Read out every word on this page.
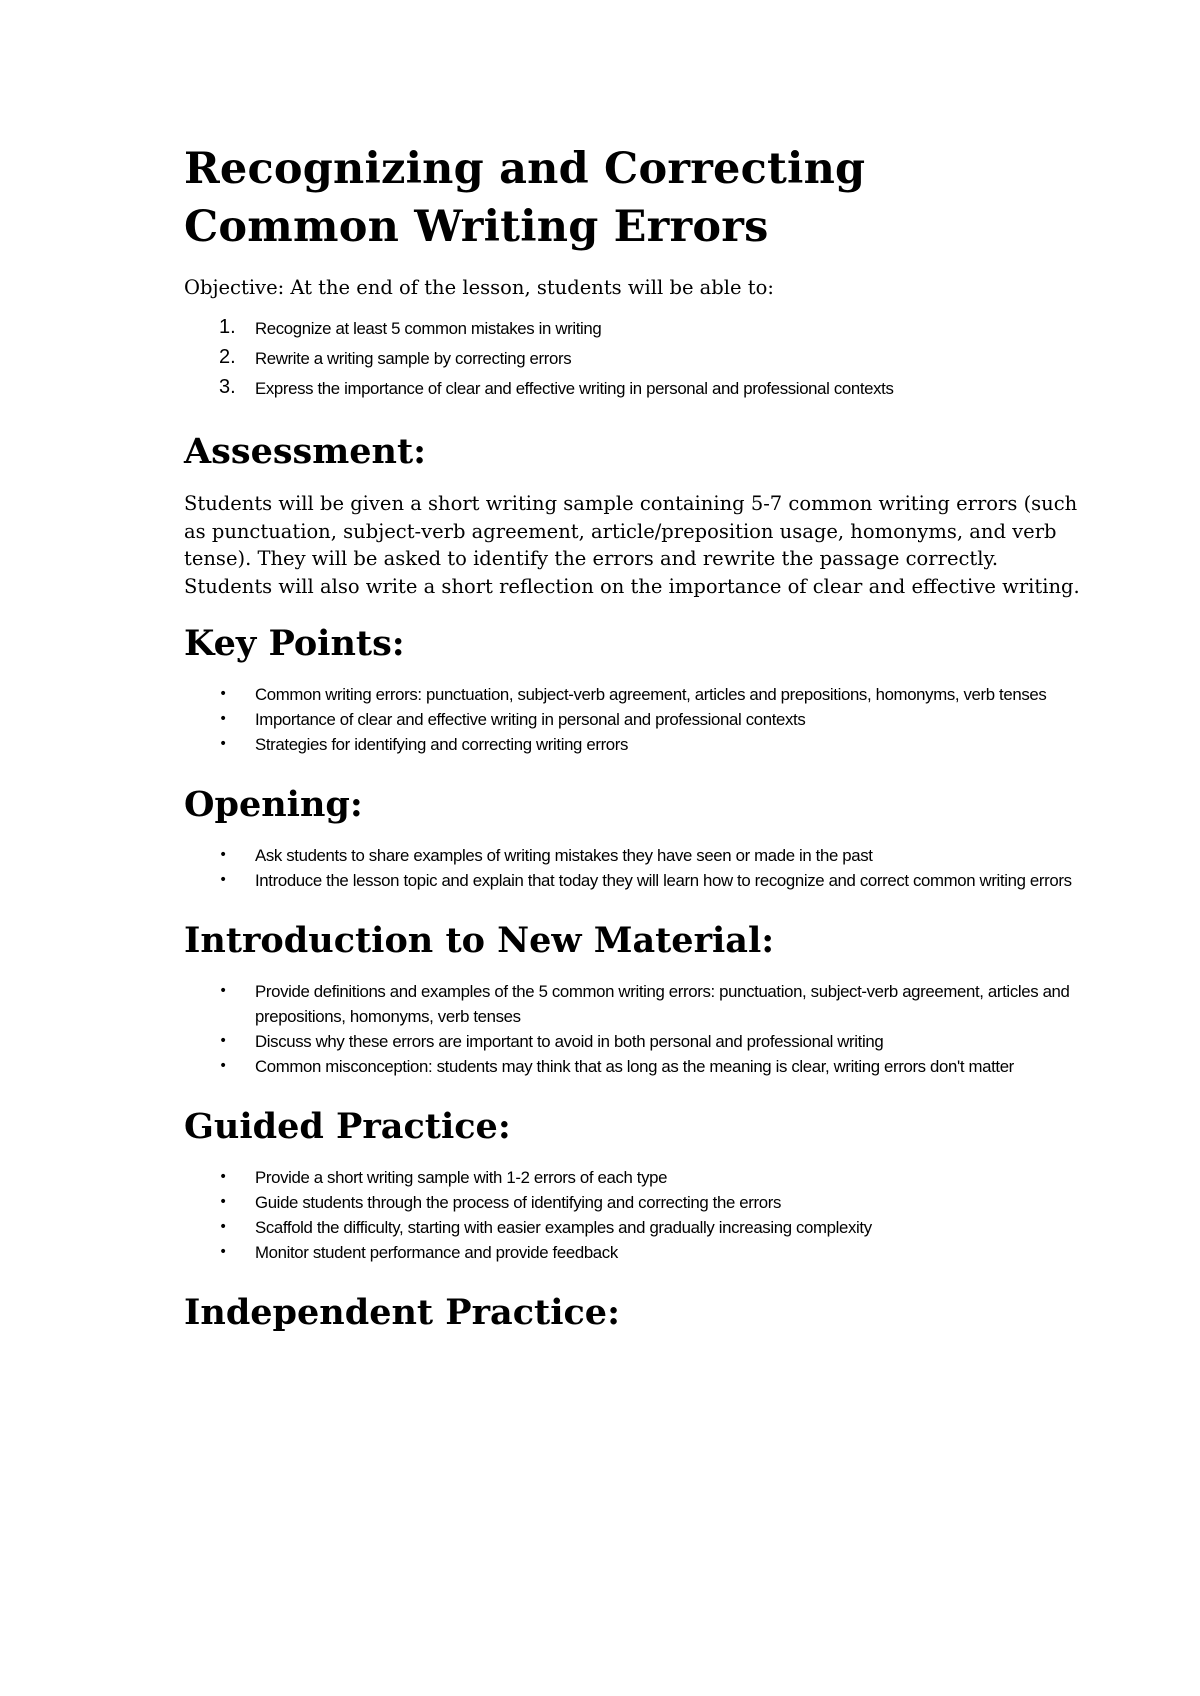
Recognizing and Correcting Common Writing Errors

Objective: At the end of the lesson, students will be able to:

1. Recognize at least 5 common mistakes in writing
2. Rewrite a writing sample by correcting errors
3. Express the importance of clear and effective writing in personal and professional contexts
Assessment:

Students will be given a short writing sample containing 5-7 common writing errors (such as punctuation, subject-verb agreement, article/preposition usage, homonyms, and verb tense). They will be asked to identify the errors and rewrite the passage correctly. Students will also write a short reflection on the importance of clear and effective writing.

Key Points:
• Common writing errors: punctuation, subject-verb agreement, articles and prepositions, homonyms, verb tenses
• Importance of clear and effective writing in personal and professional contexts
• Strategies for identifying and correcting writing errors
Opening:
• Ask students to share examples of writing mistakes they have seen or made in the past
• Introduce the lesson topic and explain that today they will learn how to recognize and correct common writing errors
Introduction to New Material:
• Provide definitions and examples of the 5 common writing errors: punctuation, subject-verb agreement, articles and prepositions, homonyms, verb tenses
• Discuss why these errors are important to avoid in both personal and professional writing
• Common misconception: students may think that as long as the meaning is clear, writing errors don't matter
Guided Practice:
• Provide a short writing sample with 1-2 errors of each type
• Guide students through the process of identifying and correcting the errors
• Scaffold the difficulty, starting with easier examples and gradually increasing complexity
• Monitor student performance and provide feedback
Independent Practice:
